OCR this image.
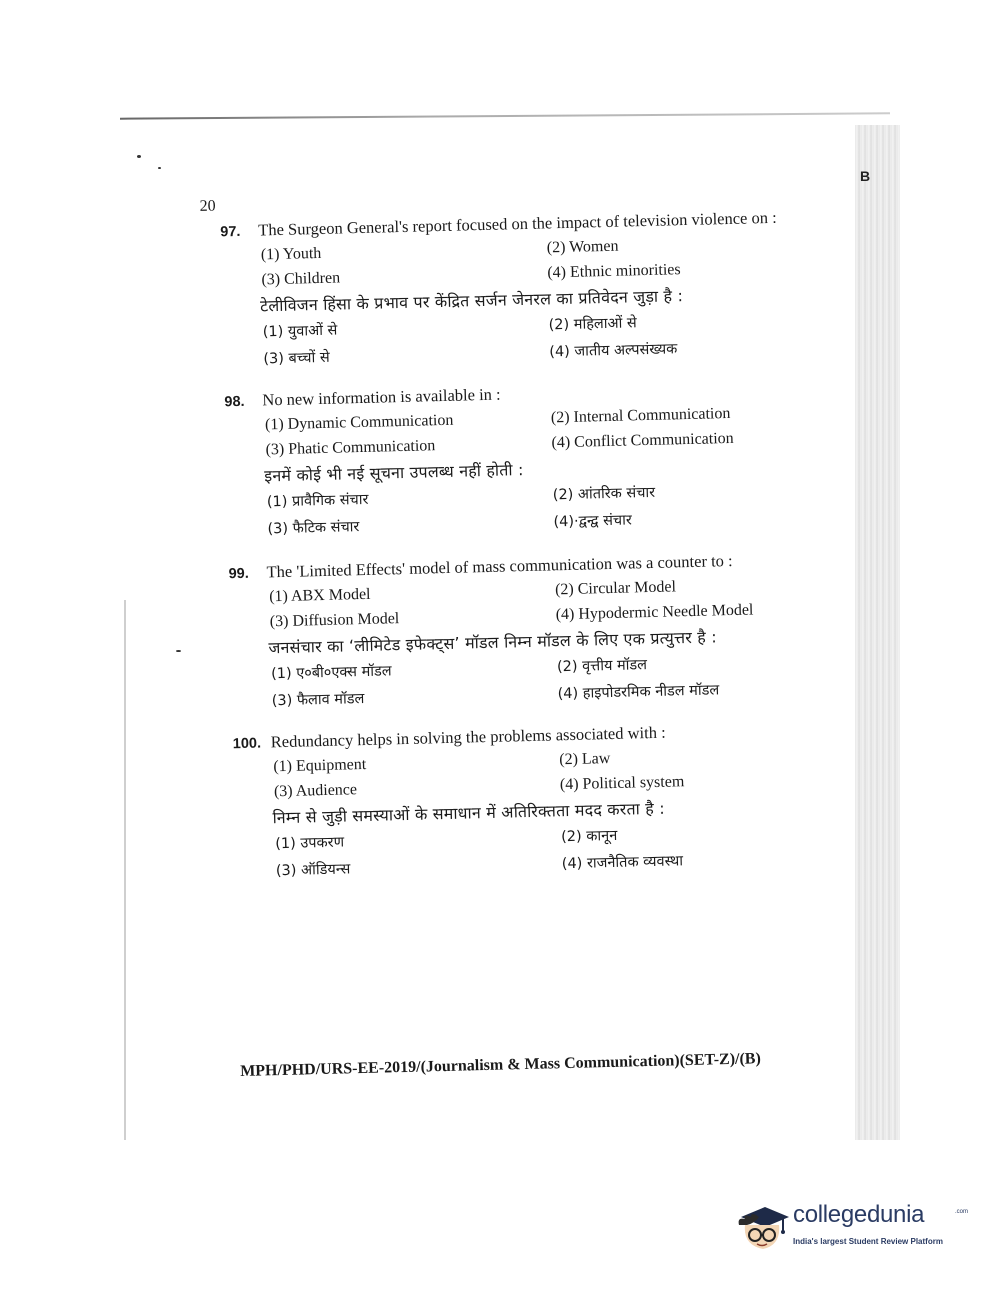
B
20
97. The Surgeon General's report focused on the impact of television violence on :
(1) Youth	(2) Women
(3) Children	(4) Ethnic minorities
टेलीविजन हिंसा के प्रभाव पर केंद्रित सर्जन जेनरल का प्रतिवेदन जुड़ा है :
(1) युवाओं से	(2) महिलाओं से
(3) बच्चों से	(4) जातीय अल्पसंख्यक
98. No new information is available in :
(1) Dynamic Communication	(2) Internal Communication
(3) Phatic Communication	(4) Conflict Communication
इनमें कोई भी नई सूचना उपलब्ध नहीं होती :
(1) प्रावैगिक संचार	(2) आंतरिक संचार
(3) फैटिक संचार	(4)·द्वन्द्व संचार
99. The 'Limited Effects' model of mass communication was a counter to :
(1) ABX Model	(2) Circular Model
(3) Diffusion Model	(4) Hypodermic Needle Model
जनसंचार का ‘लीमिटेड इफेक्ट्स’ मॉडल निम्न मॉडल के लिए एक प्रत्युत्तर है :
(1) ए०बी०एक्स मॉडल	(2) वृत्तीय मॉडल
(3) फैलाव मॉडल	(4) हाइपोडरमिक नीडल मॉडल
100. Redundancy helps in solving the problems associated with :
(1) Equipment	(2) Law
(3) Audience	(4) Political system
निम्न से जुड़ी समस्याओं के समाधान में अतिरिक्तता मदद करता है :
(1) उपकरण	(2) कानून
(3) ऑडियन्स	(4) राजनैतिक व्यवस्था
MPH/PHD/URS-EE-2019/(Journalism & Mass Communication)(SET-Z)/(B)
collegedunia	.com
India's largest Student Review Platform
